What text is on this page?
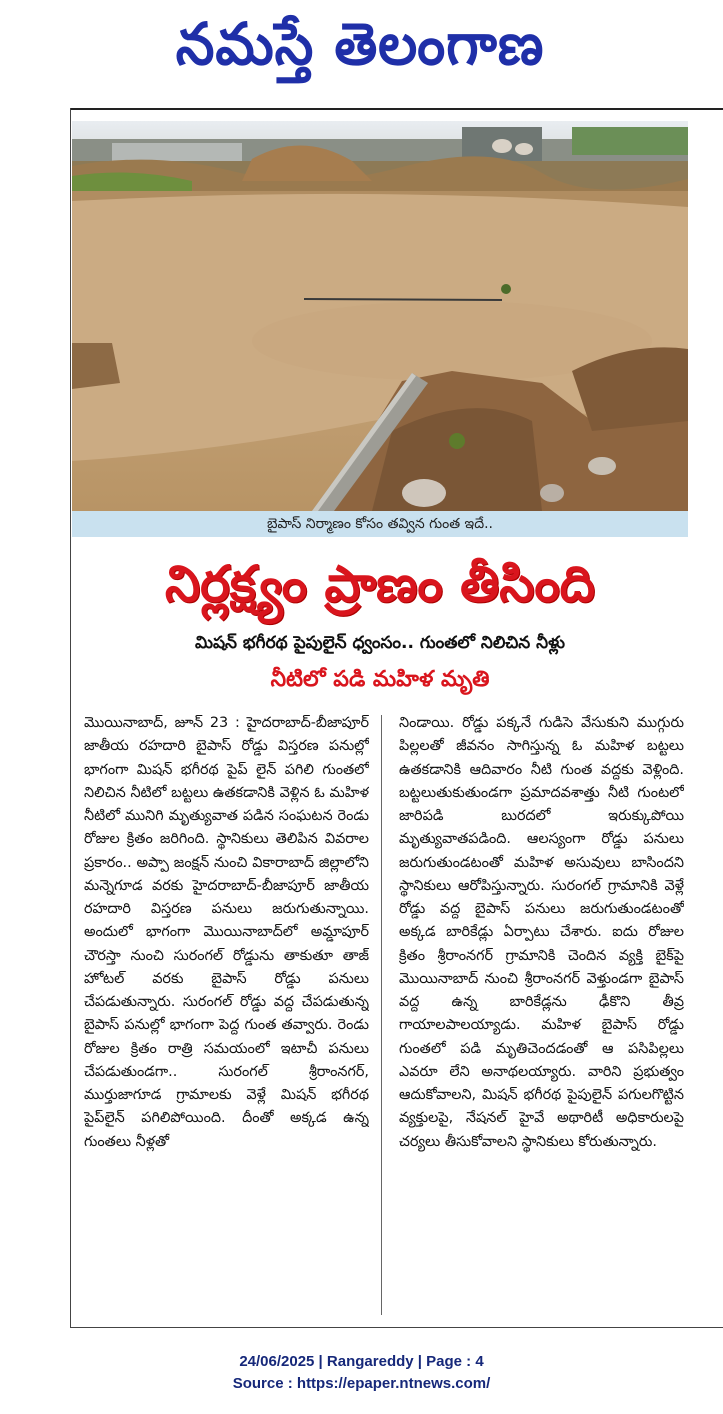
నమస్తే తెలంగాణ
బైపాస్ నిర్మాణం కోసం తవ్విన గుంత ఇదే..
నిర్లక్ష్యం ప్రాణం తీసింది
మిషన్ భగీరథ పైపులైన్ ధ్వంసం.. గుంతలో నిలిచిన నీళ్లు
నీటిలో పడి మహిళ మృతి
మొయినాబాద్, జూన్ 23 : హైదరాబాద్-బీజాపూర్ జాతీయ రహదారి బైపాస్ రోడ్డు విస్తరణ పనుల్లో భాగంగా మిషన్ భగీరథ పైప్ లైన్ పగిలి గుంతలో నిలిచిన నీటిలో బట్టలు ఉతకడానికి వెళ్లిన ఓ మహిళ నీటిలో మునిగి మృత్యువాత పడిన సంఘటన రెండు రోజుల క్రితం జరిగింది. స్థానికులు తెలిపిన వివరాల ప్రకారం.. అప్పా జంక్షన్ నుంచి వికారాబాద్ జిల్లాలోని మన్నెగూడ వరకు హైదరాబాద్-బీజాపూర్ జాతీయ రహదారి విస్తరణ పనులు జరుగుతున్నాయి. అందులో భాగంగా మొయినాబాద్‌లో అమ్డాపూర్ చౌరస్తా నుంచి సురంగల్ రోడ్డును తాకుతూ తాజ్ హోటల్ వరకు బైపాస్ రోడ్డు పనులు చేపడుతున్నారు. సురంగల్ రోడ్డు వద్ద చేపడుతున్న బైపాస్ పనుల్లో భాగంగా పెద్ద గుంత తవ్వారు. రెండు రోజుల క్రితం రాత్రి సమయంలో ఇటాచీ పనులు చేపడుతుండగా.. సురంగల్ శ్రీరాంనగర్, ముర్తుజాగూడ గ్రామాలకు వెళ్లే మిషన్ భగీరథ పైప్‌లైన్ పగిలిపోయింది. దీంతో అక్కడ ఉన్న గుంతలు నీళ్లతో
నిండాయి. రోడ్డు పక్కనే గుడిసె వేసుకుని ముగ్గురు పిల్లలతో జీవనం సాగిస్తున్న ఓ మహిళ బట్టలు ఉతకడానికి ఆదివారం నీటి గుంత వద్దకు వెళ్లింది. బట్టలుతుకుతుండగా ప్రమాదవశాత్తు నీటి గుంటలో జారిపడి బురదలో ఇరుక్కుపోయి మృత్యువాతపడింది. ఆలస్యంగా రోడ్డు పనులు జరుగుతుండటంతో మహిళ అసువులు బాసిందని స్థానికులు ఆరోపిస్తున్నారు. సురంగల్ గ్రామానికి వెళ్లే రోడ్డు వద్ద బైపాస్ పనులు జరుగుతుండటంతో అక్కడ బారికేడ్లు ఏర్పాటు చేశారు. ఐదు రోజుల క్రితం శ్రీరాంనగర్ గ్రామానికి చెందిన వ్యక్తి బైక్‌పై మొయినాబాద్ నుంచి శ్రీరాంనగర్ వెళ్తుండగా బైపాస్ వద్ద ఉన్న బారికేడ్లను ఢీకొని తీవ్ర గాయాలపాలయ్యాడు. మహిళ బైపాస్ రోడ్డు గుంతలో పడి మృతిచెందడంతో ఆ పసిపిల్లలు ఎవరూ లేని అనాథలయ్యారు. వారిని ప్రభుత్వం ఆదుకోవాలని, మిషన్ భగీరథ పైపులైన్ పగులగొట్టిన వ్యక్తులపై, నేషనల్ హైవే అథారిటీ అధికారులపై చర్యలు తీసుకోవాలని స్థానికులు కోరుతున్నారు.
24/06/2025 | Rangareddy | Page : 4
Source : https://epaper.ntnews.com/
